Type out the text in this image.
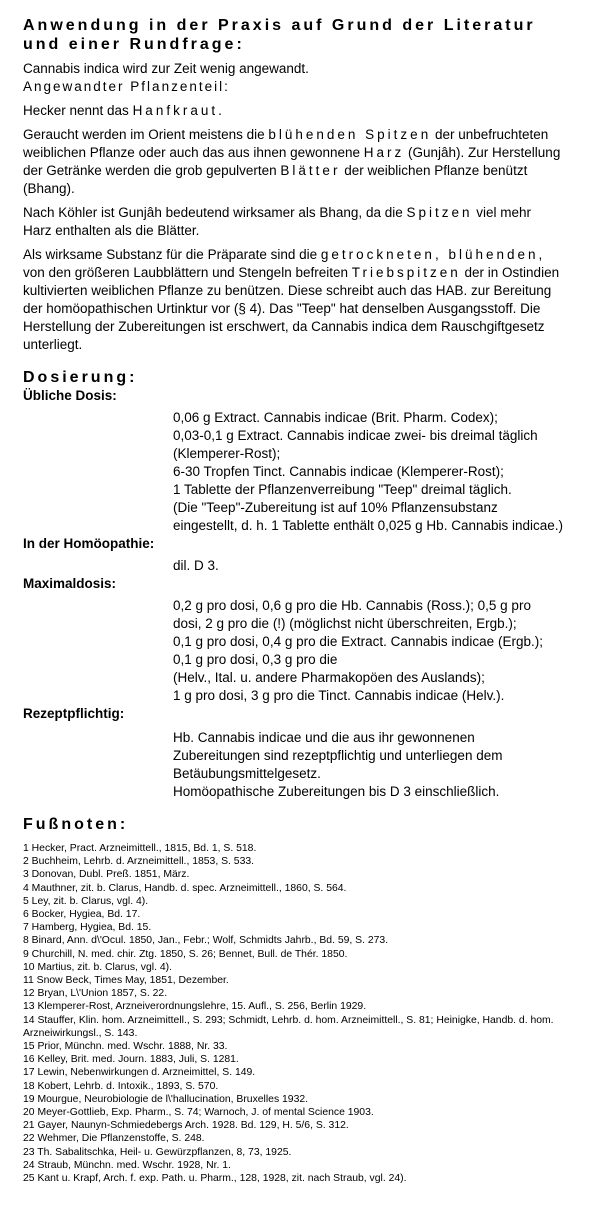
Anwendung in der Praxis auf Grund der Literatur
und einer Rundfrage:
Cannabis indica wird zur Zeit wenig angewandt.
Angewandter Pflanzenteil:
Hecker nennt das Hanfkraut.
Geraucht werden im Orient meistens die blühenden Spitzen der unbefruchteten weiblichen Pflanze oder auch das aus ihnen gewonnene Harz (Gunjâh). Zur Herstellung der Getränke werden die grob gepulverten Blätter der weiblichen Pflanze benützt (Bhang).
Nach Köhler ist Gunjâh bedeutend wirksamer als Bhang, da die Spitzen viel mehr Harz enthalten als die Blätter.
Als wirksame Substanz für die Präparate sind die getrockneten, blühenden, von den größeren Laubblättern und Stengeln befreiten Triebspitzen der in Ostindien kultivierten weiblichen Pflanze zu benützen. Diese schreibt auch das HAB. zur Bereitung der homöopathischen Urtinktur vor (§ 4). Das "Teep" hat denselben Ausgangsstoff. Die Herstellung der Zubereitungen ist erschwert, da Cannabis indica dem Rauschgiftgesetz unterliegt.
Dosierung:
Übliche Dosis:
0,06 g Extract. Cannabis indicae (Brit. Pharm. Codex);
0,03-0,1 g Extract. Cannabis indicae zwei- bis dreimal täglich (Klemperer-Rost);
6-30 Tropfen Tinct. Cannabis indicae (Klemperer-Rost);
1 Tablette der Pflanzenverreibung "Teep" dreimal täglich.
(Die "Teep"-Zubereitung ist auf 10% Pflanzensubstanz eingestellt, d. h. 1 Tablette enthält 0,025 g Hb. Cannabis indicae.)
In der Homöopathie:
dil. D 3.
Maximaldosis:
0,2 g pro dosi, 0,6 g pro die Hb. Cannabis (Ross.); 0,5 g pro dosi, 2 g pro die (!) (möglichst nicht überschreiten, Ergb.);
0,1 g pro dosi, 0,4 g pro die Extract. Cannabis indicae (Ergb.);
0,1 g pro dosi, 0,3 g pro die
(Helv., Ital. u. andere Pharmakopöen des Auslands);
1 g pro dosi, 3 g pro die Tinct. Cannabis indicae (Helv.).
Rezeptpflichtig:
Hb. Cannabis indicae und die aus ihr gewonnenen Zubereitungen sind rezeptpflichtig und unterliegen dem Betäubungsmittelgesetz.
Homöopathische Zubereitungen bis D 3 einschließlich.
Fußnoten:
1 Hecker, Pract. Arzneimittell., 1815, Bd. 1, S. 518.
2 Buchheim, Lehrb. d. Arzneimittell., 1853, S. 533.
3 Donovan, Dubl. Preß. 1851, März.
4 Mauthner, zit. b. Clarus, Handb. d. spec. Arzneimittell., 1860, S. 564.
5 Ley, zit. b. Clarus, vgl. 4).
6 Bocker, Hygiea, Bd. 17.
7 Hamberg, Hygiea, Bd. 15.
8 Binard, Ann. d\'Ocul. 1850, Jan., Febr.; Wolf, Schmidts Jahrb., Bd. 59, S. 273.
9 Churchill, N. med. chir. Ztg. 1850, S. 26; Bennet, Bull. de Thér. 1850.
10 Martius, zit. b. Clarus, vgl. 4).
11 Snow Beck, Times May, 1851, Dezember.
12 Bryan, L\'Union 1857, S. 22.
13 Klemperer-Rost, Arzneiverordnungslehre, 15. Aufl., S. 256, Berlin 1929.
14 Stauffer, Klin. hom. Arzneimittell., S. 293; Schmidt, Lehrb. d. hom. Arzneimittell., S. 81; Heinigke, Handb. d. hom. Arzneiwirkungsl., S. 143.
15 Prior, Münchn. med. Wschr. 1888, Nr. 33.
16 Kelley, Brit. med. Journ. 1883, Juli, S. 1281.
17 Lewin, Nebenwirkungen d. Arzneimittel, S. 149.
18 Kobert, Lehrb. d. Intoxik., 1893, S. 570.
19 Mourgue, Neurobiologie de l\'hallucination, Bruxelles 1932.
20 Meyer-Gottlieb, Exp. Pharm., S. 74; Warnoch, J. of mental Science 1903.
21 Gayer, Naunyn-Schmiedebergs Arch. 1928. Bd. 129, H. 5/6, S. 312.
22 Wehmer, Die Pflanzenstoffe, S. 248.
23 Th. Sabalitschka, Heil- u. Gewürzpflanzen, 8, 73, 1925.
24 Straub, Münchn. med. Wschr. 1928, Nr. 1.
25 Kant u. Krapf, Arch. f. exp. Path. u. Pharm., 128, 1928, zit. nach Straub, vgl. 24).
